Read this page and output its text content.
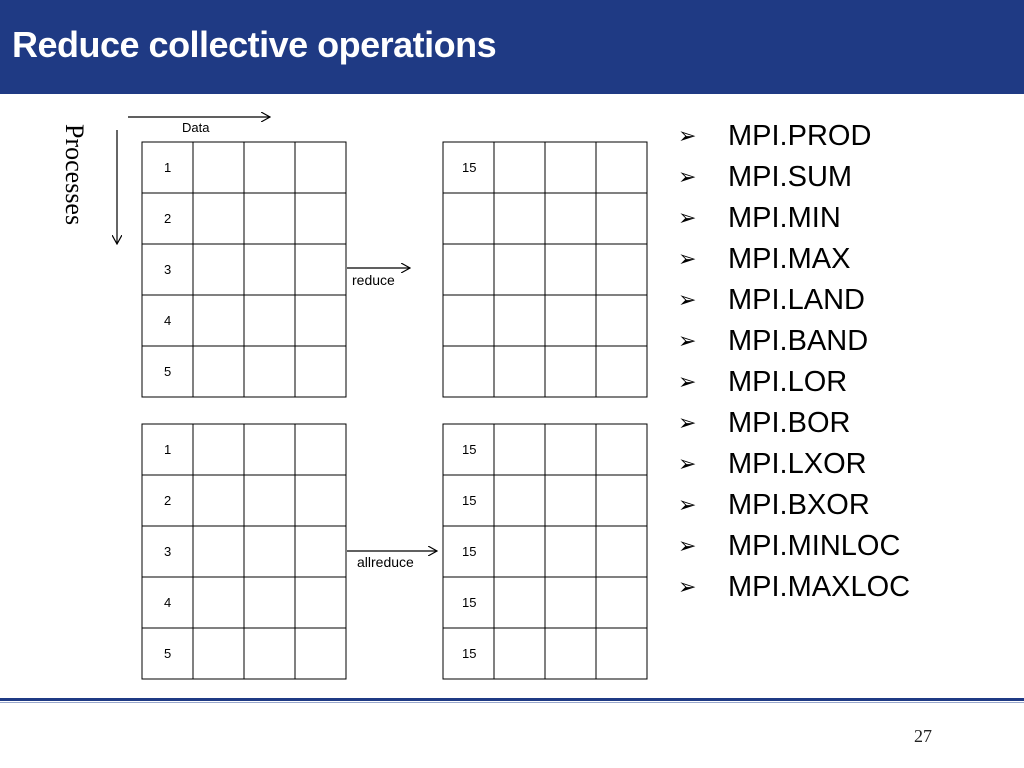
Reduce collective operations
Data
Processes	1
2
3
4
5
15
1
2
3
4
5
15
15
15
15
15
reduce
allreduce
➢ MPI.PROD
➢ MPI.SUM
➢ MPI.MIN
➢ MPI.MAX
➢ MPI.LAND
➢ MPI.BAND
➢ MPI.LOR
➢ MPI.BOR
➢ MPI.LXOR
➢ MPI.BXOR
➢ MPI.MINLOC
➢ MPI.MAXLOC
27
